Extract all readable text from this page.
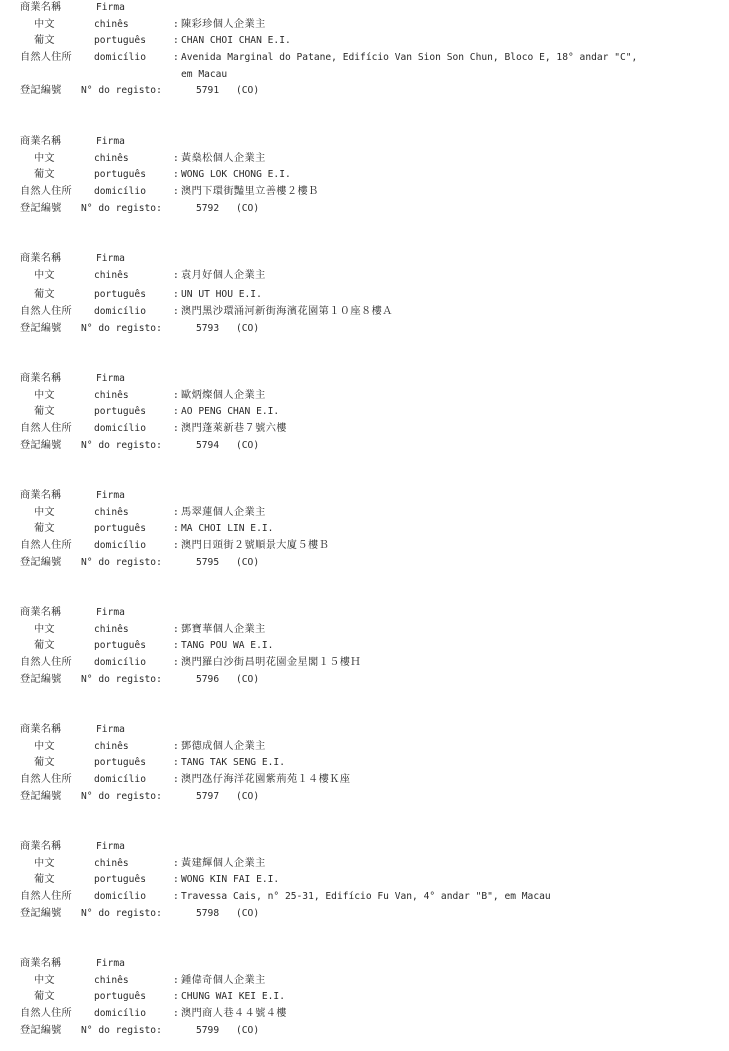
商業名稱	Firma
中文	chinês	: 陳彩珍個人企業主
葡文	português	: CHAN CHOI CHAN E.I.
自然人住所 domicílio	: Avenida Marginal do Patane, Edifício Van Sion Son Chun, Bloco E, 18° andar "C",
em Macau
登記編號 N° do registo:	5791 (CO)
商業名稱	Firma
中文	chinês	: 黃燊松個人企業主
葡文	português	: WONG LOK CHONG E.I.
自然人住所 domicílio	: 澳門下環街豔里立善樓２樓Ｂ
登記編號 N° do registo:	5792 (CO)
商業名稱	Firma
中文	chinês	: 袁月好個人企業主
葡文	português	: UN UT HOU E.I.
自然人住所 domicílio	: 澳門黑沙環涌河新街海濱花園第１０座８樓Ａ
登記編號 N° do registo:	5793 (CO)
商業名稱	Firma
中文	chinês	: 歐炳燦個人企業主
葡文	português	: AO PENG CHAN E.I.
自然人住所 domicílio	: 澳門蓬萊新巷７號六樓
登記編號 N° do registo:	5794 (CO)
商業名稱	Firma
中文	chinês	: 馬翠蓮個人企業主
葡文	português	: MA CHOI LIN E.I.
自然人住所 domicílio	: 澳門日頭街２號順景大廈５樓Ｂ
登記編號 N° do registo:	5795 (CO)
商業名稱	Firma
中文	chinês	: 鄧寶華個人企業主
葡文	português	: TANG POU WA E.I.
自然人住所 domicílio	: 澳門羅白沙街昌明花園金星閣１５樓Ｈ
登記編號 N° do registo:	5796 (CO)
商業名稱	Firma
中文	chinês	: 鄧德成個人企業主
葡文	português	: TANG TAK SENG E.I.
自然人住所 domicílio	: 澳門氹仔海洋花園紫荊苑１４樓Ｋ座
登記編號 N° do registo:	5797 (CO)
商業名稱	Firma
中文	chinês	: 黃建輝個人企業主
葡文	português	: WONG KIN FAI E.I.
自然人住所 domicílio	: Travessa Cais, n° 25-31, Edifício Fu Van, 4° andar "B", em Macau
登記編號 N° do registo:	5798 (CO)
商業名稱	Firma
中文	chinês	: 鍾偉奇個人企業主
葡文	português	: CHUNG WAI KEI E.I.
自然人住所 domicílio	: 澳門商人巷４４號４樓
登記編號 N° do registo:	5799 (CO)
